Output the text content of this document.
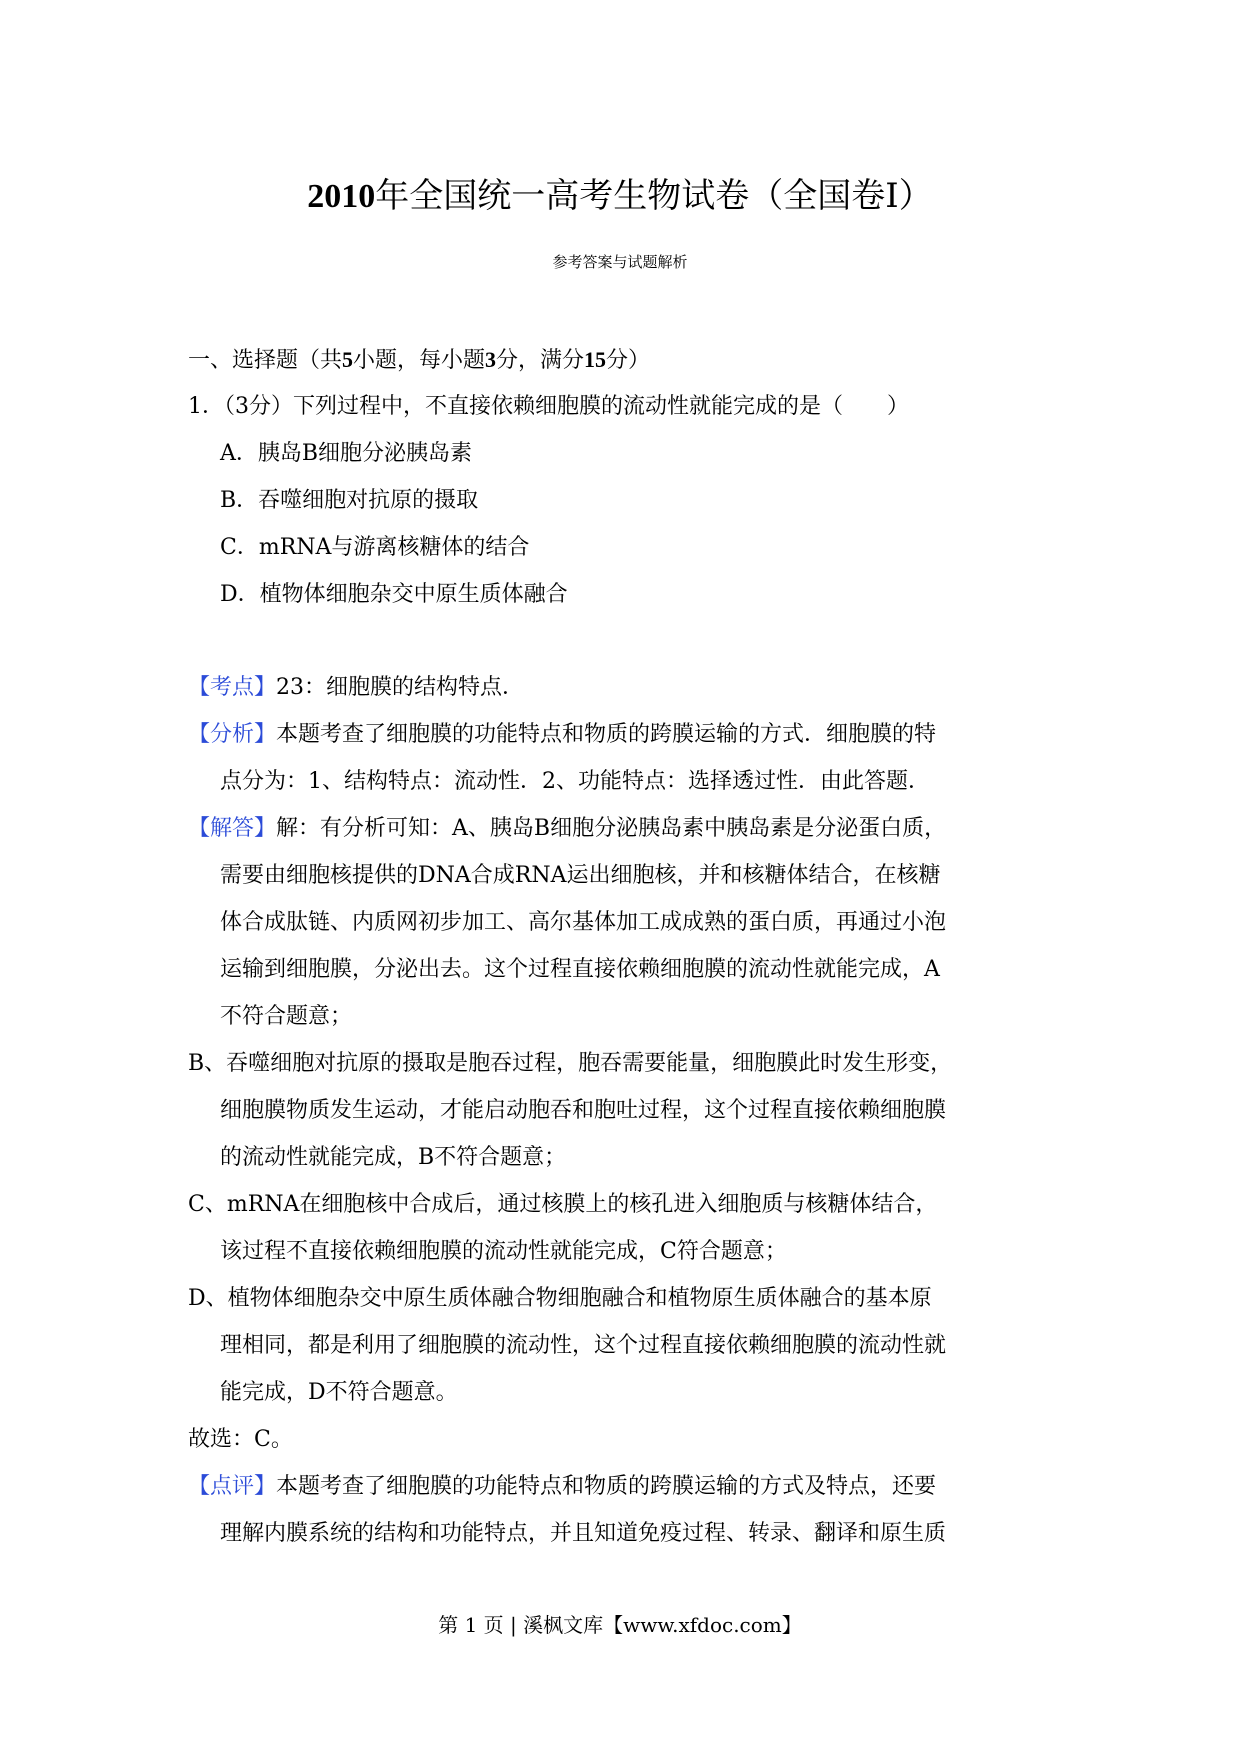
2010年全国统一高考生物试卷（全国卷Ⅰ）
参考答案与试题解析
一、选择题（共5小题，每小题3分，满分15分）
1．（3分）下列过程中，不直接依赖细胞膜的流动性就能完成的是（　　）
A．胰岛B细胞分泌胰岛素
B．吞噬细胞对抗原的摄取
C．mRNA与游离核糖体的结合
D．植物体细胞杂交中原生质体融合
【考点】23：细胞膜的结构特点．
【分析】本题考查了细胞膜的功能特点和物质的跨膜运输的方式．细胞膜的特
点分为：1、结构特点：流动性．2、功能特点：选择透过性．由此答题．
【解答】解：有分析可知：A、胰岛B细胞分泌胰岛素中胰岛素是分泌蛋白质，
需要由细胞核提供的DNA合成RNA运出细胞核，并和核糖体结合，在核糖
体合成肽链、内质网初步加工、高尔基体加工成成熟的蛋白质，再通过小泡
运输到细胞膜，分泌出去。这个过程直接依赖细胞膜的流动性就能完成，A
不符合题意；
B、吞噬细胞对抗原的摄取是胞吞过程，胞吞需要能量，细胞膜此时发生形变，
细胞膜物质发生运动，才能启动胞吞和胞吐过程，这个过程直接依赖细胞膜
的流动性就能完成，B不符合题意；
C、mRNA在细胞核中合成后，通过核膜上的核孔进入细胞质与核糖体结合，
该过程不直接依赖细胞膜的流动性就能完成，C符合题意；
D、植物体细胞杂交中原生质体融合物细胞融合和植物原生质体融合的基本原
理相同，都是利用了细胞膜的流动性，这个过程直接依赖细胞膜的流动性就
能完成，D不符合题意。
故选：C。
【点评】本题考查了细胞膜的功能特点和物质的跨膜运输的方式及特点，还要
理解内膜系统的结构和功能特点，并且知道免疫过程、转录、翻译和原生质
第 1 页 | 溪枫文库【www.xfdoc.com】
